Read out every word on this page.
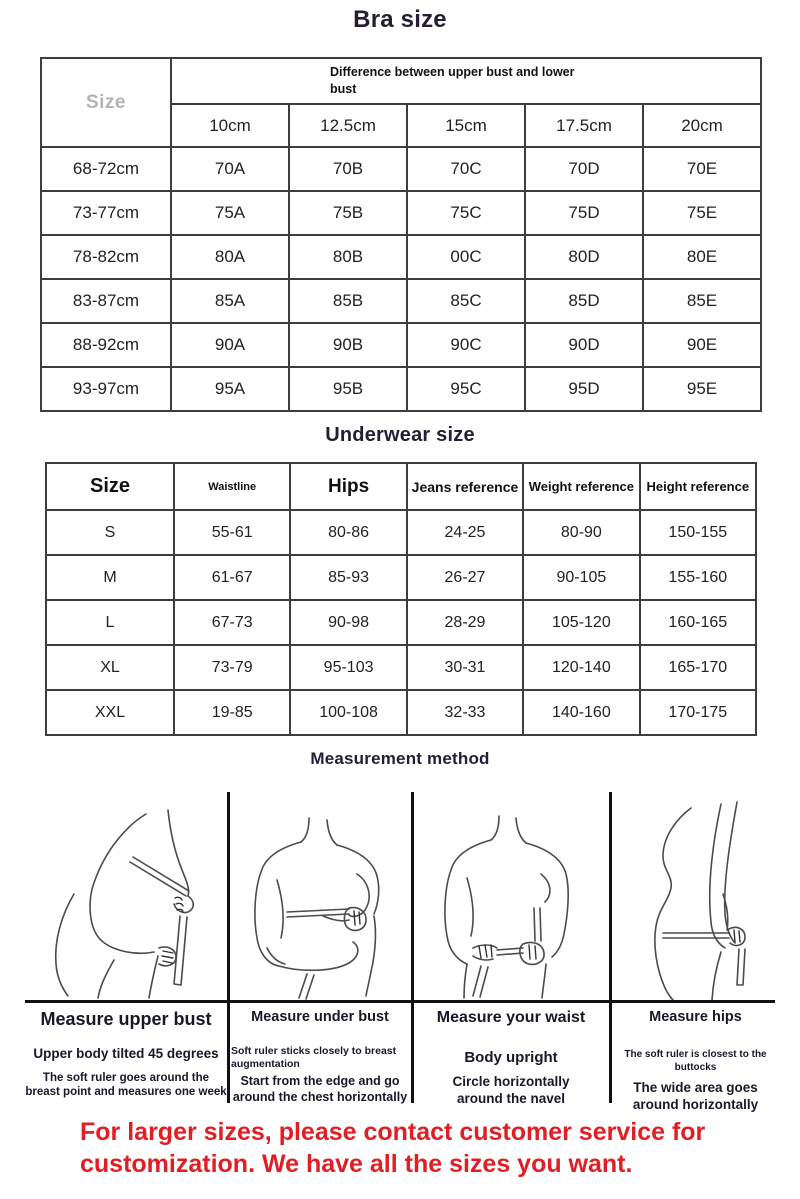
Bra size
Size	Difference between upper bust and lower bust				

	10cm	12.5cm	15cm	17.5cm	20cm
68-72cm	70A	70B	70C	70D	70E
73-77cm	75A	75B	75C	75D	75E
78-82cm	80A	80B	00C	80D	80E
83-87cm	85A	85B	85C	85D	85E
88-92cm	90A	90B	90C	90D	90E
93-97cm	95A	95B	95C	95D	95E
Underwear size
Size	Waistline	Hips	Jeans reference	Weight reference	Height reference
S	55-61	80-86	24-25	80-90	150-155
M	61-67	85-93	26-27	90-105	155-160
L	67-73	90-98	28-29	105-120	160-165
XL	73-79	95-103	30-31	120-140	165-170
XXL	19-85	100-108	32-33	140-160	170-175
Measurement method
Measure upper bust
Upper body tilted 45 degrees
The soft ruler goes around the breast point and measures one week
Measure under bust
Soft ruler sticks closely to breast augmentation
Start from the edge and go around the chest horizontally
Measure your waist
Body upright
Circle horizontally around the navel
Measure hips
The soft ruler is closest to the buttocks
The wide area goes around horizontally
For larger sizes, please contact customer service for
customization. We have all the sizes you want.
